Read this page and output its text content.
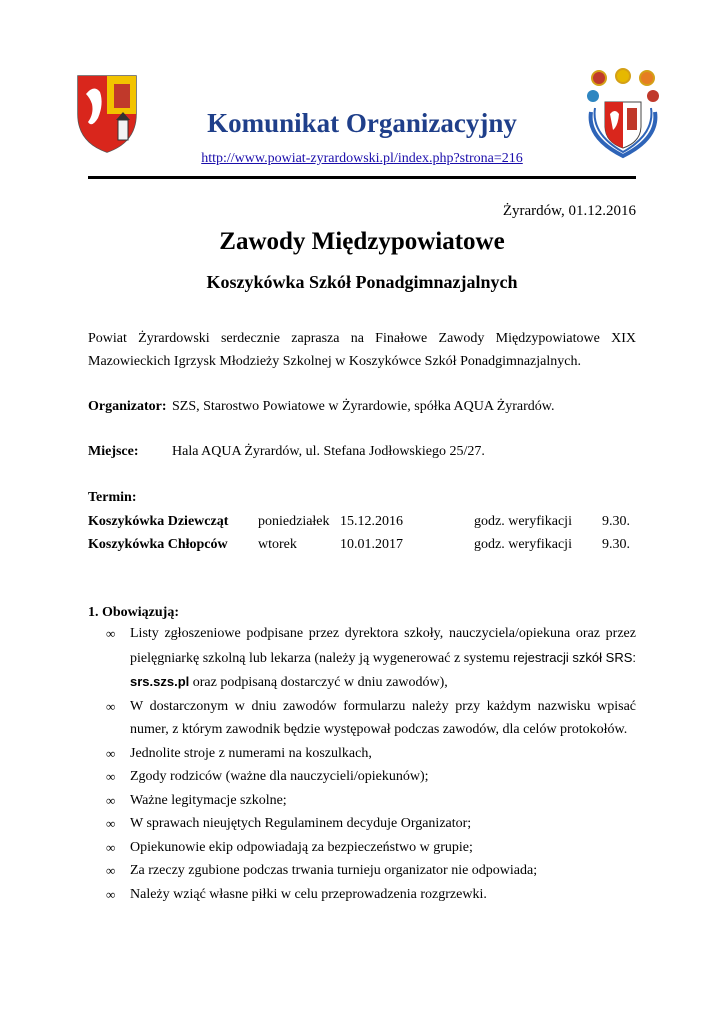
Komunikat Organizacyjny
http://www.powiat-zyrardowski.pl/index.php?strona=216
Żyrardów, 01.12.2016
Zawody Międzypowiatowe
Koszykówka Szkół Ponadgimnazjalnych
Powiat Żyrardowski serdecznie zaprasza na Finałowe Zawody Międzypowiatowe XIX Mazowieckich Igrzysk Młodzieży Szkolnej w Koszykówce Szkół Ponadgimnazjalnych.
Organizator: SZS, Starostwo Powiatowe w Żyrardowie, spółka AQUA Żyrardów.
Miejsce: Hala AQUA Żyrardów, ul. Stefana Jodłowskiego 25/27.
Termin:
Koszykówka Dziewcząt poniedziałek 15.12.2016	godz. weryfikacji 9.30.
Koszykówka Chłopców wtorek	10.01.2017	godz. weryfikacji 9.30.
1. Obowiązują:
∞ Listy zgłoszeniowe podpisane przez dyrektora szkoły, nauczyciela/opiekuna oraz przez pielęgniarkę szkolną lub lekarza (należy ją wygenerować z systemu rejestracji szkół SRS: srs.szs.pl oraz podpisaną dostarczyć w dniu zawodów),
∞ W dostarczonym w dniu zawodów formularzu należy przy każdym nazwisku wpisać numer, z którym zawodnik będzie występował podczas zawodów, dla celów protokołów.
∞ Jednolite stroje z numerami na koszulkach,
∞ Zgody rodziców (ważne dla nauczycieli/opiekunów);
∞ Ważne legitymacje szkolne;
∞ W sprawach nieujętych Regulaminem decyduje Organizator;
∞ Opiekunowie ekip odpowiadają za bezpieczeństwo w grupie;
∞ Za rzeczy zgubione podczas trwania turnieju organizator nie odpowiada;
∞ Należy wziąć własne piłki w celu przeprowadzenia rozgrzewki.
